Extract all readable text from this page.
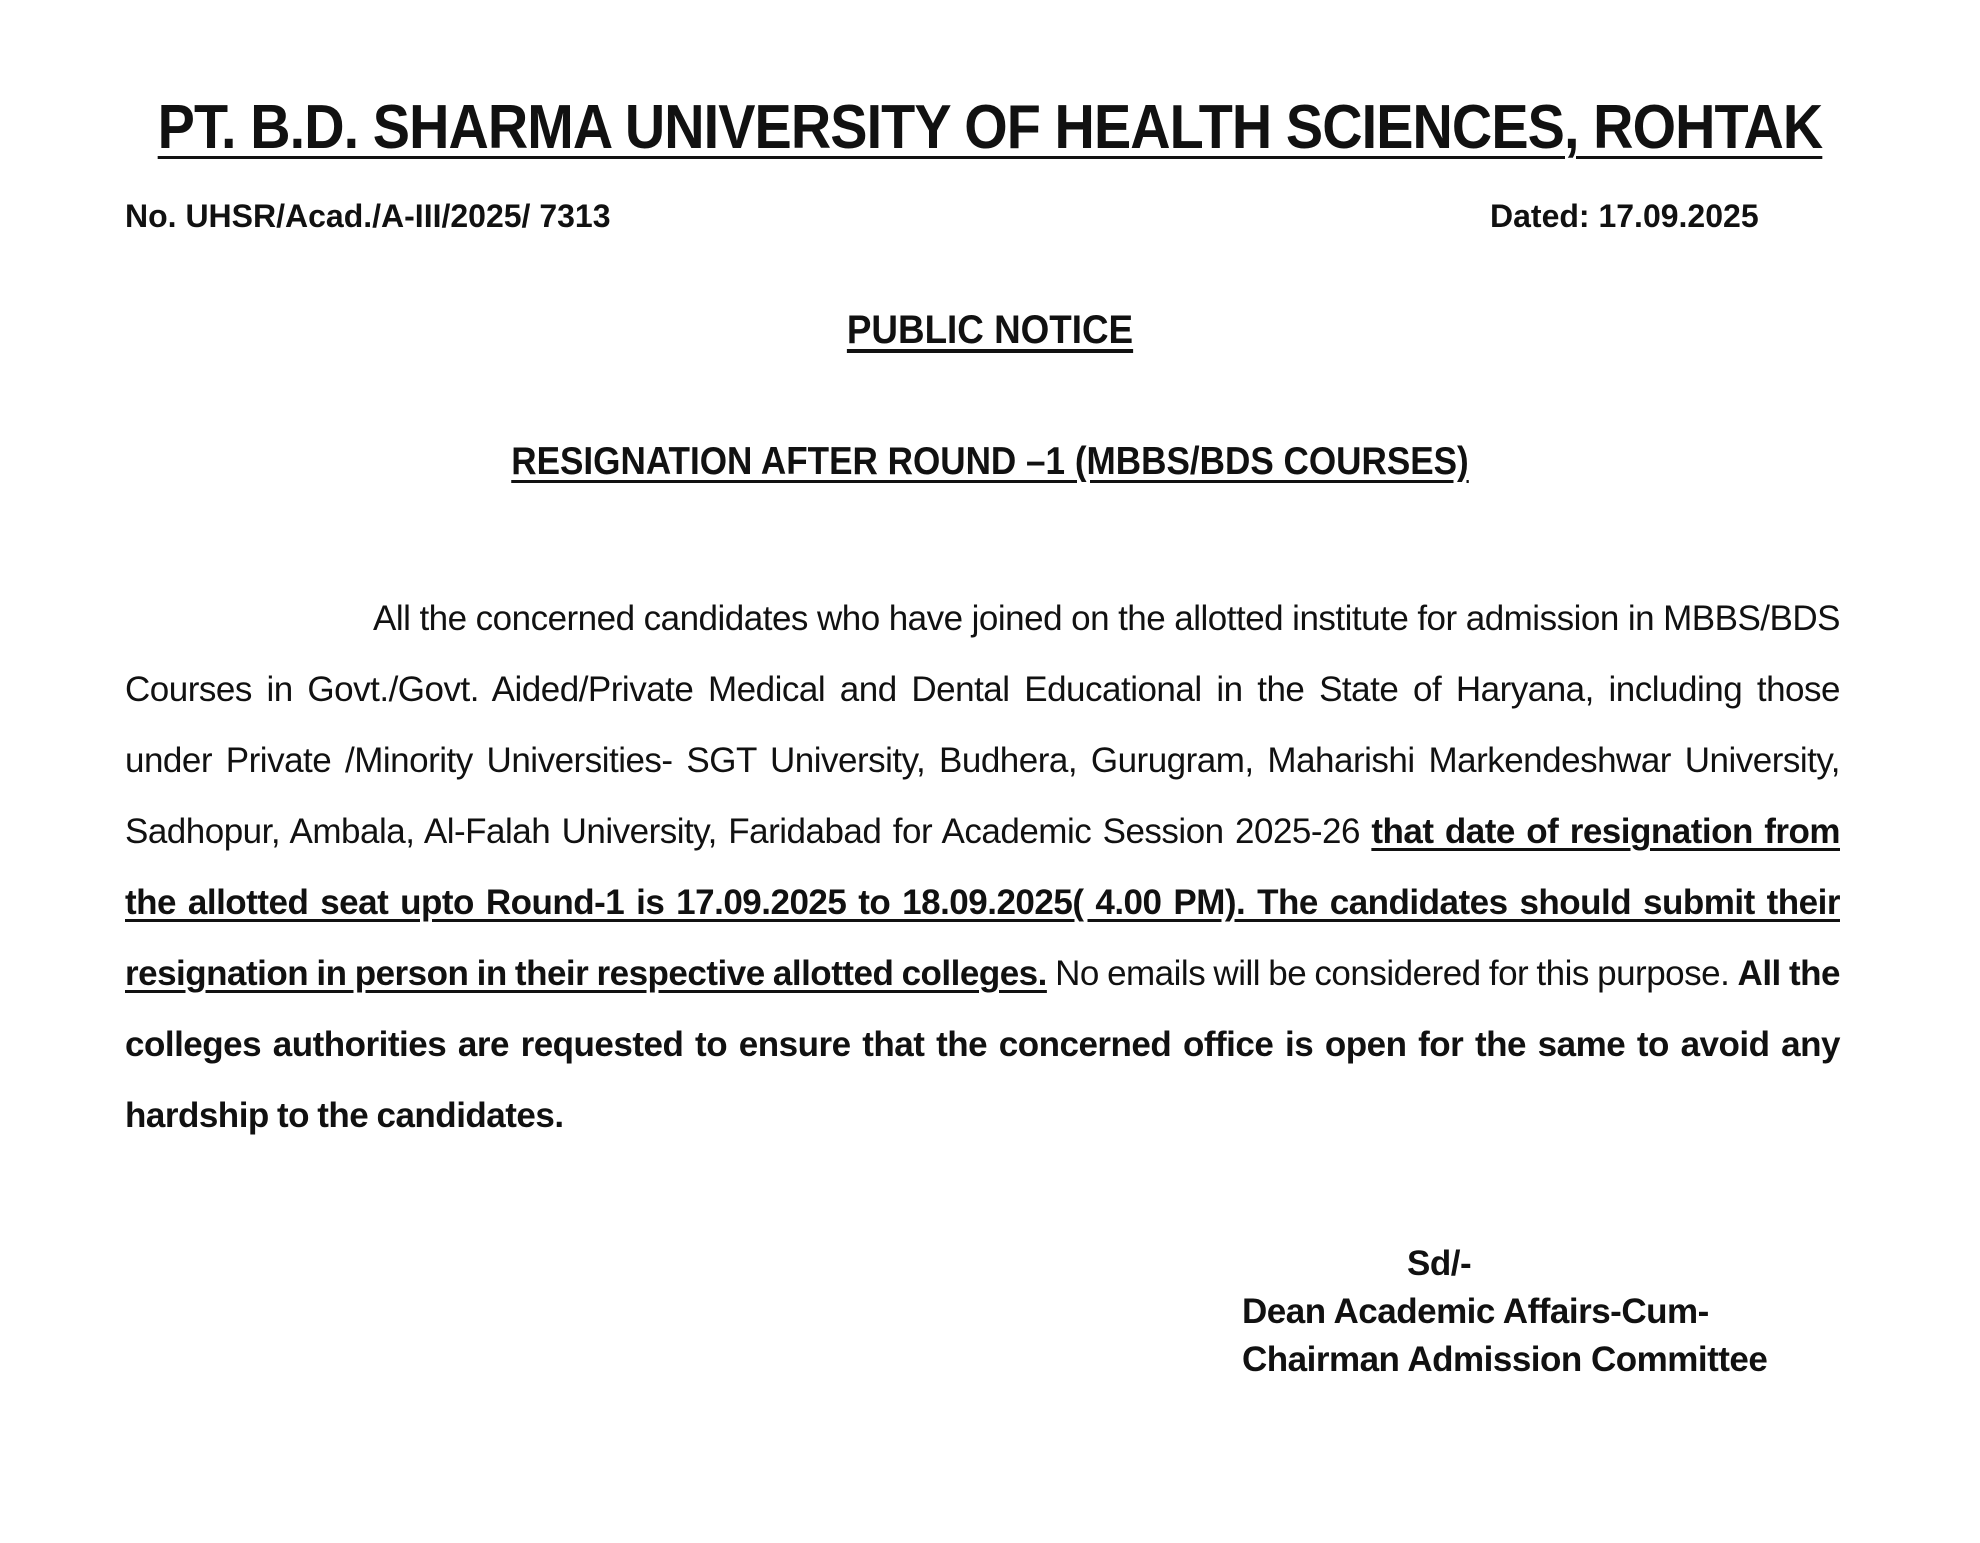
PT. B.D. SHARMA UNIVERSITY OF HEALTH SCIENCES, ROHTAK
No. UHSR/Acad./A-III/2025/ 7313	Dated: 17.09.2025
PUBLIC NOTICE
RESIGNATION AFTER ROUND –1 (MBBS/BDS COURSES)
All the concerned candidates who have joined on the allotted institute for admission in MBBS/BDS Courses in Govt./Govt. Aided/Private Medical and Dental Educational in the State of Haryana, including those under Private /Minority Universities- SGT University, Budhera, Gurugram, Maharishi Markendeshwar University, Sadhopur, Ambala, Al-Falah University, Faridabad for Academic Session 2025-26 that date of resignation from the allotted seat upto Round-1 is 17.09.2025 to 18.09.2025( 4.00 PM). The candidates should submit their resignation in person in their respective allotted colleges. No emails will be considered for this purpose. All the colleges authorities are requested to ensure that the concerned office is open for the same to avoid any hardship to the candidates.
Sd/-
Dean Academic Affairs-Cum-
Chairman Admission Committee
